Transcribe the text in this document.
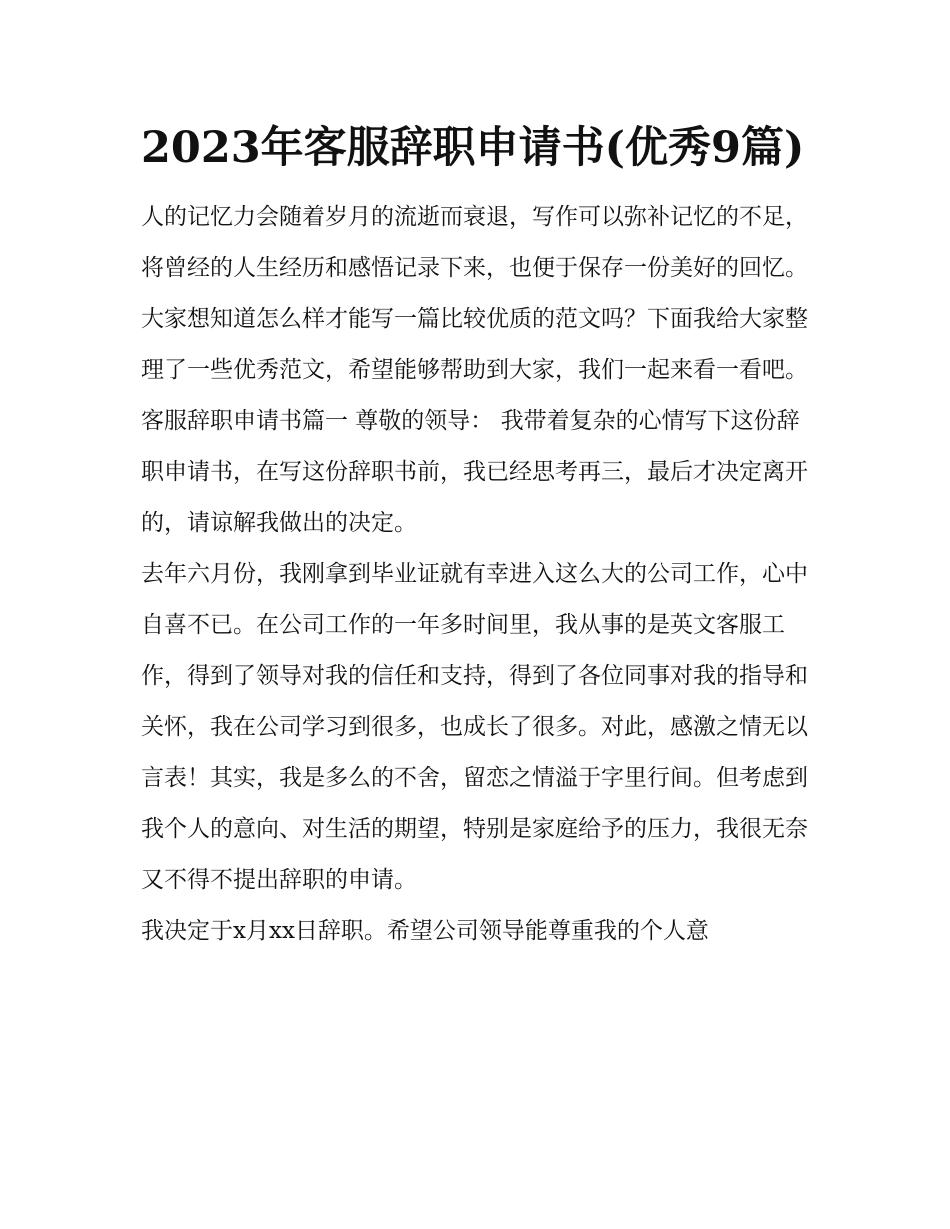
2023年客服辞职申请书(优秀9篇)

人的记忆力会随着岁月的流逝而衰退，写作可以弥补记忆的不足，将曾经的人生经历和感悟记录下来，也便于保存一份美好的回忆。大家想知道怎么样才能写一篇比较优质的范文吗？下面我给大家整理了一些优秀范文，希望能够帮助到大家，我们一起来看一看吧。

客服辞职申请书篇一 尊敬的领导： 我带着复杂的心情写下这份辞职申请书，在写这份辞职书前，我已经思考再三，最后才决定离开的，请谅解我做出的决定。

去年六月份，我刚拿到毕业证就有幸进入这么大的公司工作，心中自喜不已。在公司工作的一年多时间里，我从事的是英文客服工作，得到了领导对我的信任和支持，得到了各位同事对我的指导和关怀，我在公司学习到很多，也成长了很多。对此，感激之情无以言表！其实，我是多么的不舍，留恋之情溢于字里行间。但考虑到我个人的意向、对生活的期望，特别是家庭给予的压力，我很无奈又不得不提出辞职的申请。

我决定于x月xx日辞职。希望公司领导能尊重我的个人意
